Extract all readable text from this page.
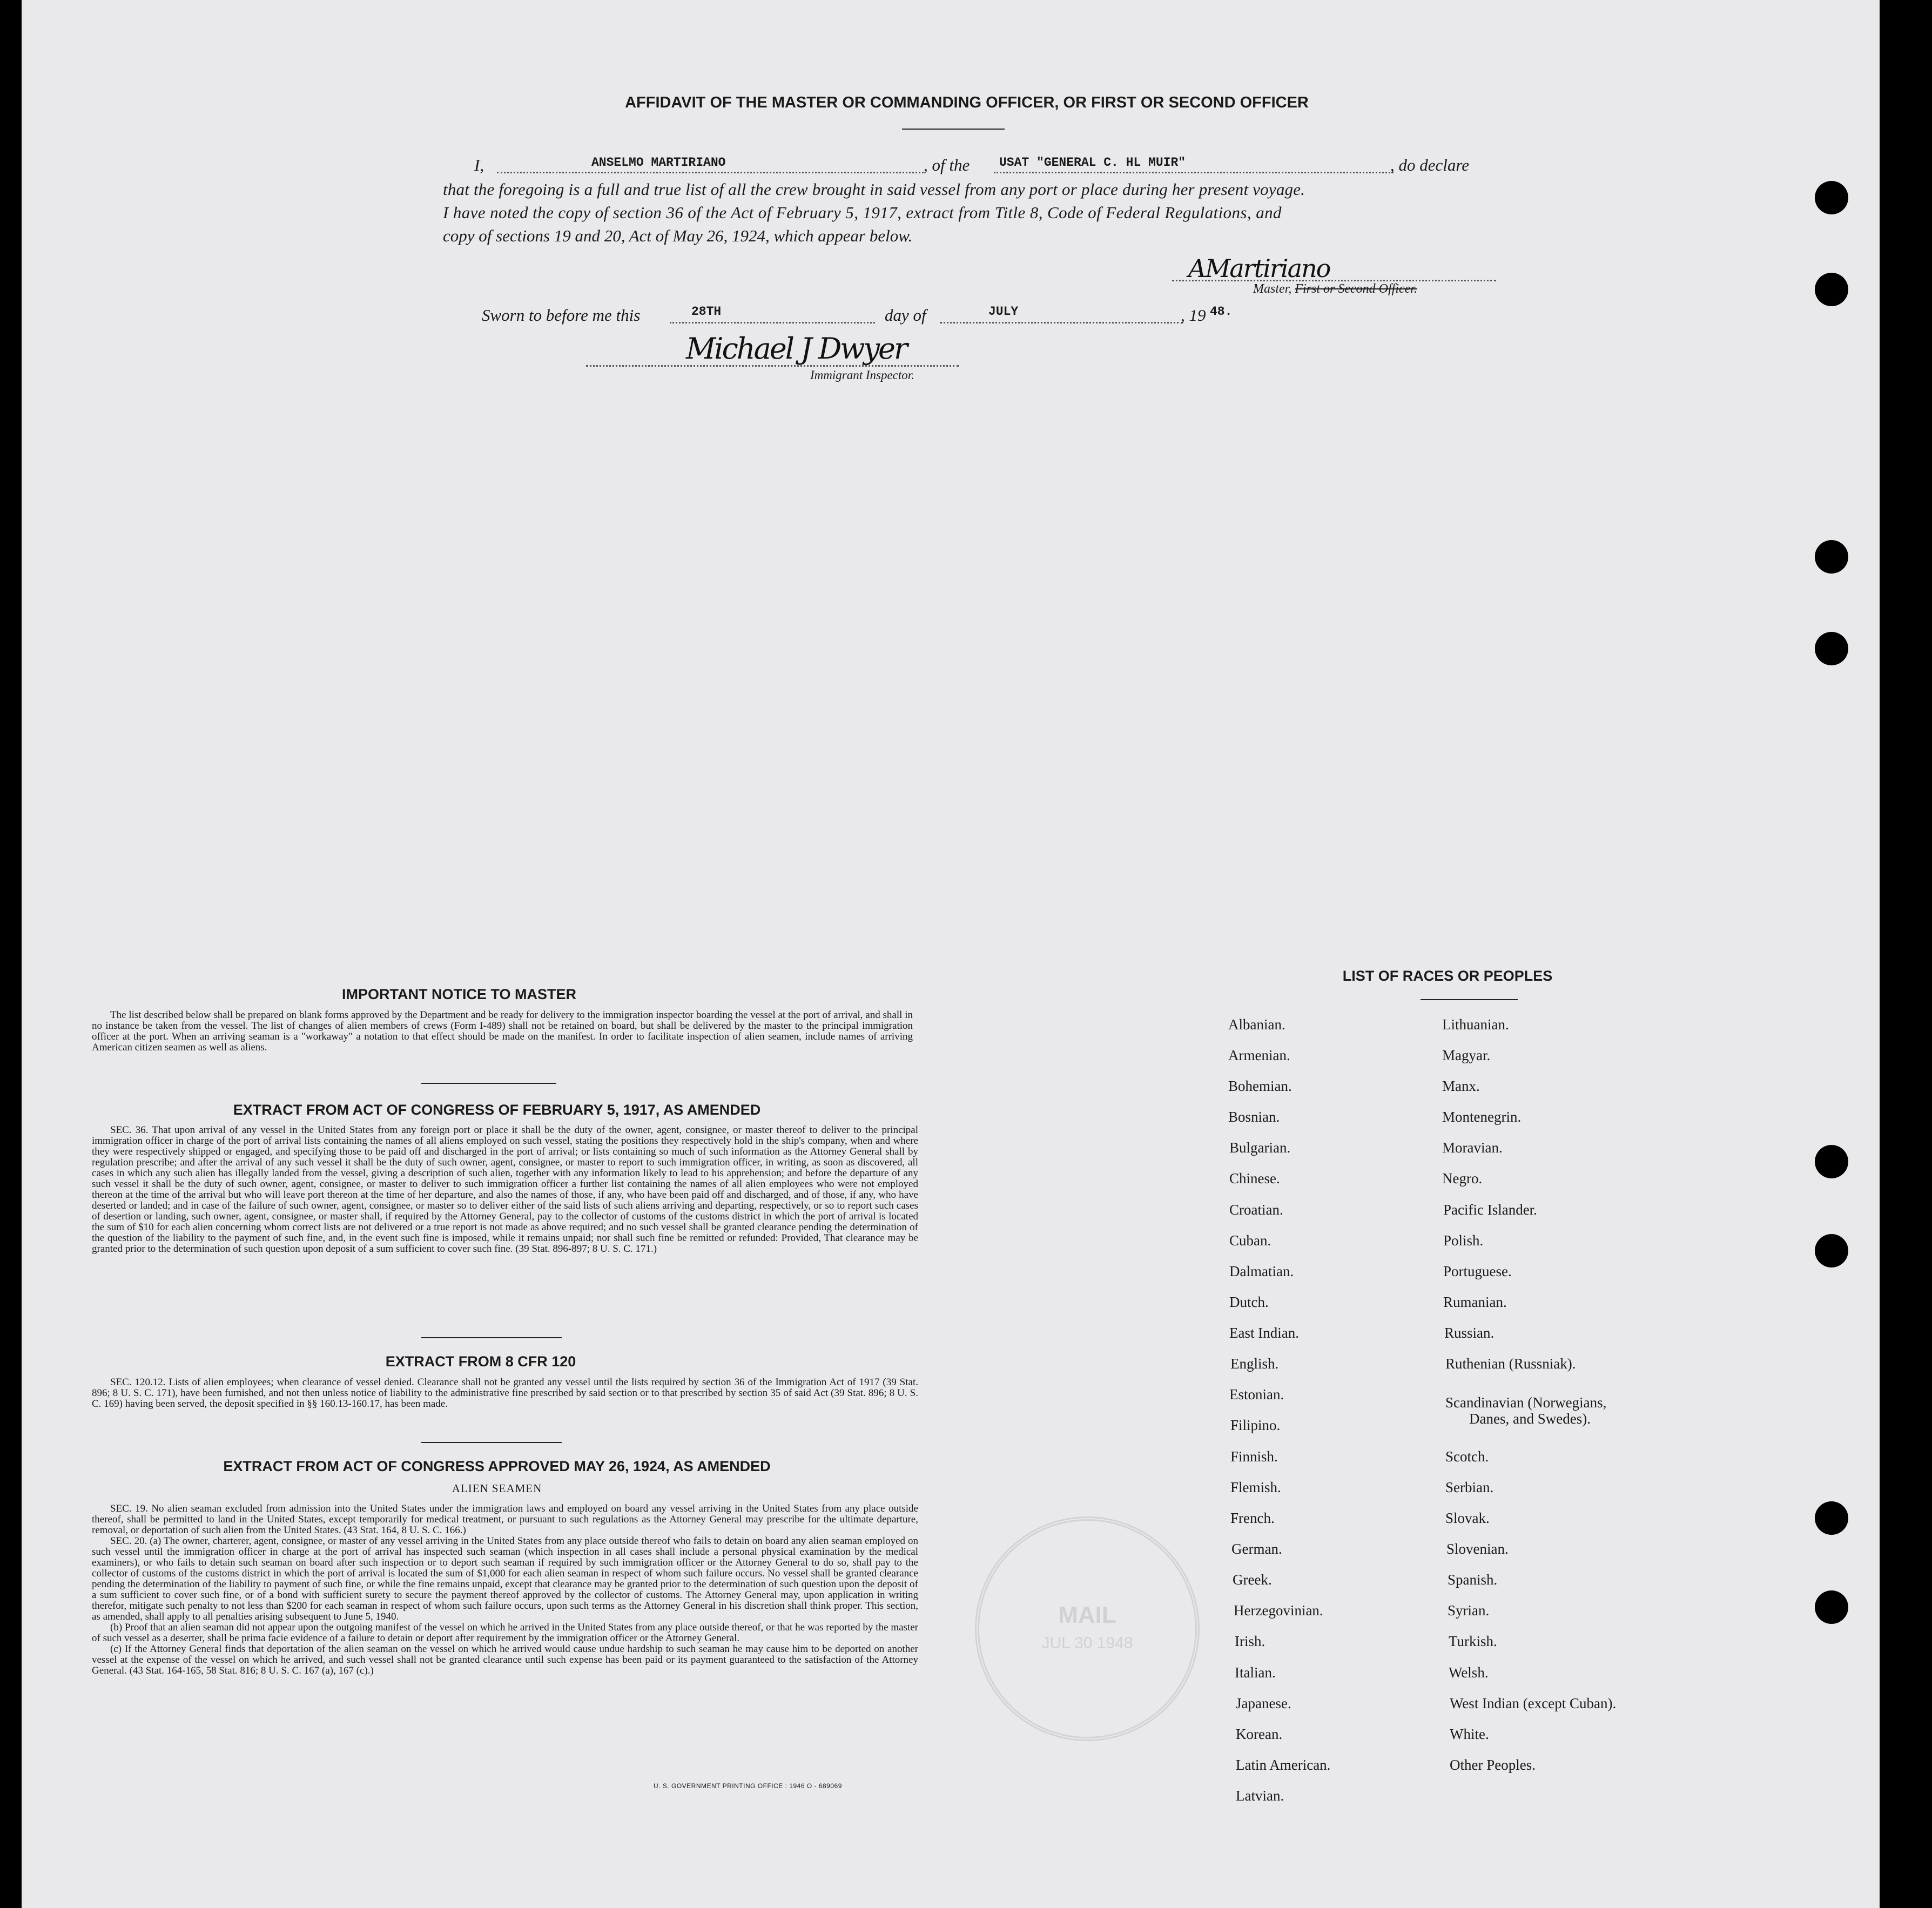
AFFIDAVIT OF THE MASTER OR COMMANDING OFFICER, OR FIRST OR SECOND OFFICER
I,	ANSELMO MARTIRIANO	, of the USAT "GENERAL C. HL MUIR"	, do declare
that the foregoing is a full and true list of all the crew brought in said vessel from any port or place during her present voyage.
I have noted the copy of section 36 of the Act of February 5, 1917, extract from Title 8, Code of Federal Regulations, and
copy of sections 19 and 20, Act of May 26, 1924, which appear below.
AMartiriano
Master, First or Second Officer.
Sworn to before me this	28TH	day of	JULY	, 19 48.
Michael J Dwyer
Immigrant Inspector.
IMPORTANT NOTICE TO MASTER

The list described below shall be prepared on blank forms approved by the Department and be ready for delivery to the immigration inspector boarding the vessel at the port of arrival, and shall in no instance be taken from the vessel. The list of changes of alien members of crews (Form I-489) shall not be retained on board, but shall be delivered by the master to the principal immigration officer at the port. When an arriving seaman is a "workaway" a notation to that effect should be made on the manifest. In order to facilitate inspection of alien seamen, include names of arriving American citizen seamen as well as aliens.

EXTRACT FROM ACT OF CONGRESS OF FEBRUARY 5, 1917, AS AMENDED

SEC. 36. That upon arrival of any vessel in the United States from any foreign port or place it shall be the duty of the owner, agent, consignee, or master thereof to deliver to the principal immigration officer in charge of the port of arrival lists containing the names of all aliens employed on such vessel, stating the positions they respectively hold in the ship's company, when and where they were respectively shipped or engaged, and specifying those to be paid off and discharged in the port of arrival; or lists containing so much of such information as the Attorney General shall by regulation prescribe; and after the arrival of any such vessel it shall be the duty of such owner, agent, consignee, or master to report to such immigration officer, in writing, as soon as discovered, all cases in which any such alien has illegally landed from the vessel, giving a description of such alien, together with any information likely to lead to his apprehension; and before the departure of any such vessel it shall be the duty of such owner, agent, consignee, or master to deliver to such immigration officer a further list containing the names of all alien employees who were not employed thereon at the time of the arrival but who will leave port thereon at the time of her departure, and also the names of those, if any, who have been paid off and discharged, and of those, if any, who have deserted or landed; and in case of the failure of such owner, agent, consignee, or master so to deliver either of the said lists of such aliens arriving and departing, respectively, or so to report such cases of desertion or landing, such owner, agent, consignee, or master shall, if required by the Attorney General, pay to the collector of customs of the customs district in which the port of arrival is located the sum of $10 for each alien concerning whom correct lists are not delivered or a true report is not made as above required; and no such vessel shall be granted clearance pending the determination of the question of the liability to the payment of such fine, and, in the event such fine is imposed, while it remains unpaid; nor shall such fine be remitted or refunded: Provided, That clearance may be granted prior to the determination of such question upon deposit of a sum sufficient to cover such fine. (39 Stat. 896-897; 8 U. S. C. 171.)

EXTRACT FROM 8 CFR 120

SEC. 120.12. Lists of alien employees; when clearance of vessel denied. Clearance shall not be granted any vessel until the lists required by section 36 of the Immigration Act of 1917 (39 Stat. 896; 8 U. S. C. 171), have been furnished, and not then unless notice of liability to the administrative fine prescribed by said section or to that prescribed by section 35 of said Act (39 Stat. 896; 8 U. S. C. 169) having been served, the deposit specified in §§ 160.13-160.17, has been made.

EXTRACT FROM ACT OF CONGRESS APPROVED MAY 26, 1924, AS AMENDED
ALIEN SEAMEN

SEC. 19. No alien seaman excluded from admission into the United States under the immigration laws and employed on board any vessel arriving in the United States from any place outside thereof, shall be permitted to land in the United States, except temporarily for medical treatment, or pursuant to such regulations as the Attorney General may prescribe for the ultimate departure, removal, or deportation of such alien from the United States. (43 Stat. 164, 8 U. S. C. 166.)

SEC. 20. (a) The owner, charterer, agent, consignee, or master of any vessel arriving in the United States from any place outside thereof who fails to detain on board any alien seaman employed on such vessel until the immigration officer in charge at the port of arrival has inspected such seaman (which inspection in all cases shall include a personal physical examination by the medical examiners), or who fails to detain such seaman on board after such inspection or to deport such seaman if required by such immigration officer or the Attorney General to do so, shall pay to the collector of customs of the customs district in which the port of arrival is located the sum of $1,000 for each alien seaman in respect of whom such failure occurs. No vessel shall be granted clearance pending the determination of the liability to payment of such fine, or while the fine remains unpaid, except that clearance may be granted prior to the determination of such question upon the deposit of a sum sufficient to cover such fine, or of a bond with sufficient surety to secure the payment thereof approved by the collector of customs. The Attorney General may, upon application in writing therefor, mitigate such penalty to not less than $200 for each seaman in respect of whom such failure occurs, upon such terms as the Attorney General in his discretion shall think proper. This section, as amended, shall apply to all penalties arising subsequent to June 5, 1940.

(b) Proof that an alien seaman did not appear upon the outgoing manifest of the vessel on which he arrived in the United States from any place outside thereof, or that he was reported by the master of such vessel as a deserter, shall be prima facie evidence of a failure to detain or deport after requirement by the immigration officer or the Attorney General.

(c) If the Attorney General finds that deportation of the alien seaman on the vessel on which he arrived would cause undue hardship to such seaman he may cause him to be deported on another vessel at the expense of the vessel on which he arrived, and such vessel shall not be granted clearance until such expense has been paid or its payment guaranteed to the satisfaction of the Attorney General. (43 Stat. 164-165, 58 Stat. 816; 8 U. S. C. 167 (a), 167 (c).)

U. S. GOVERNMENT PRINTING OFFICE : 1946 O - 689069
MAIL
JUL 30 1948
LIST OF RACES OR PEOPLES
Albanian.
Armenian.
Bohemian.
Bosnian.
Bulgarian.
Chinese.
Croatian.
Cuban.
Dalmatian.
Dutch.
East Indian.
English.
Estonian.
Filipino.
Finnish.
Flemish.
French.
German.
Greek.
Herzegovinian.
Irish.
Italian.
Japanese.
Korean.
Latin American.
Latvian.
Lithuanian.
Magyar.
Manx.
Montenegrin.
Moravian.
Negro.
Pacific Islander.
Polish.
Portuguese.
Rumanian.
Russian.
Ruthenian (Russniak).
Scandinavian (Norwegians,
Danes, and Swedes).
Scotch.
Serbian.
Slovak.
Slovenian.
Spanish.
Syrian.
Turkish.
Welsh.
West Indian (except Cuban).
White.
Other Peoples.
